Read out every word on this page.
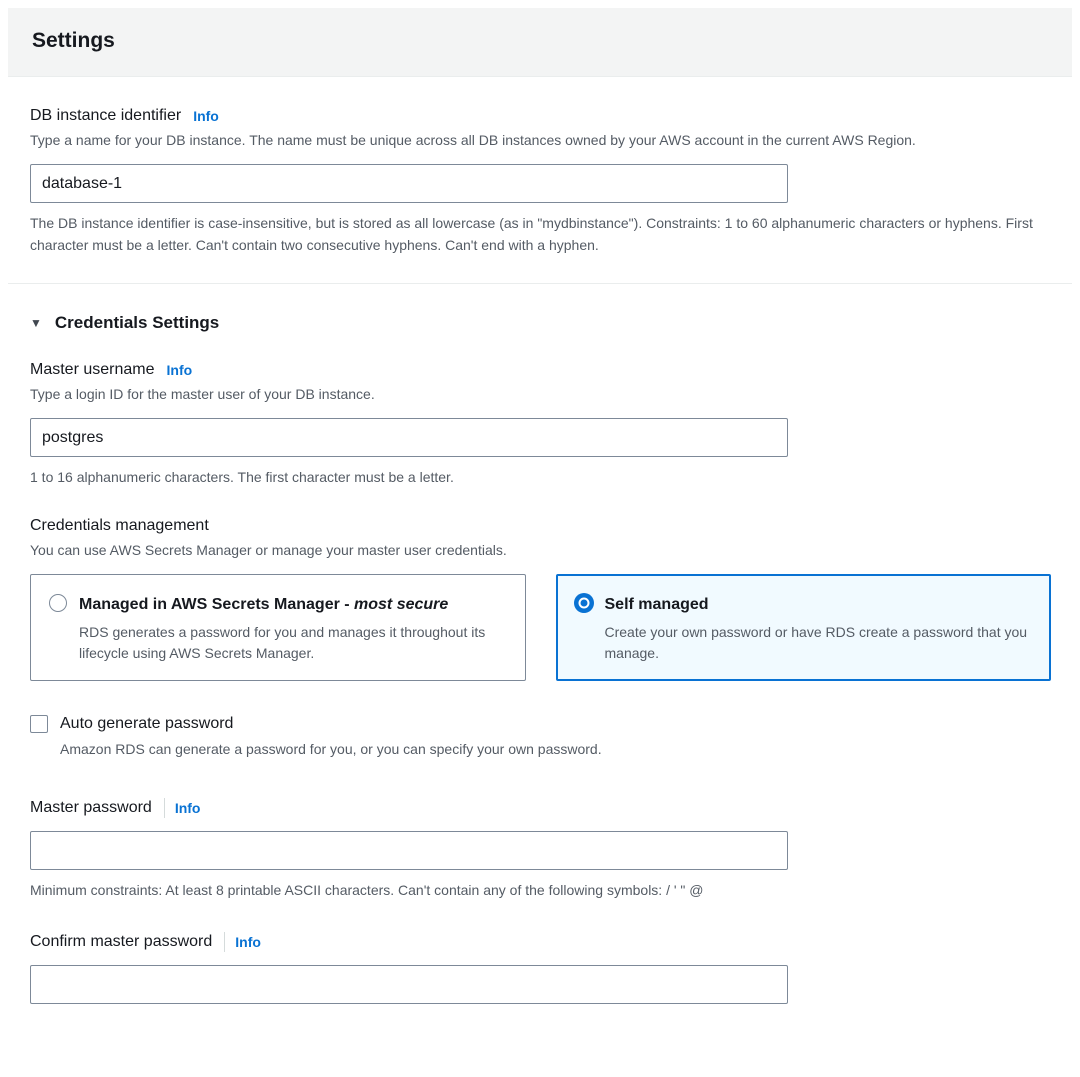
Settings
DB instance identifier Info
Type a name for your DB instance. The name must be unique across all DB instances owned by your AWS account in the current AWS Region.
database-1
The DB instance identifier is case-insensitive, but is stored as all lowercase (as in "mydbinstance"). Constraints: 1 to 60 alphanumeric characters or hyphens. First character must be a letter. Can't contain two consecutive hyphens. Can't end with a hyphen.
▼ Credentials Settings
Master username Info
Type a login ID for the master user of your DB instance.
postgres
1 to 16 alphanumeric characters. The first character must be a letter.
Credentials management
You can use AWS Secrets Manager or manage your master user credentials.
Managed in AWS Secrets Manager - most secure
RDS generates a password for you and manages it throughout its lifecycle using AWS Secrets Manager.
Self managed
Create your own password or have RDS create a password that you manage.
Auto generate password
Amazon RDS can generate a password for you, or you can specify your own password.
Master password Info
Minimum constraints: At least 8 printable ASCII characters. Can't contain any of the following symbols: / ' " @
Confirm master password Info
